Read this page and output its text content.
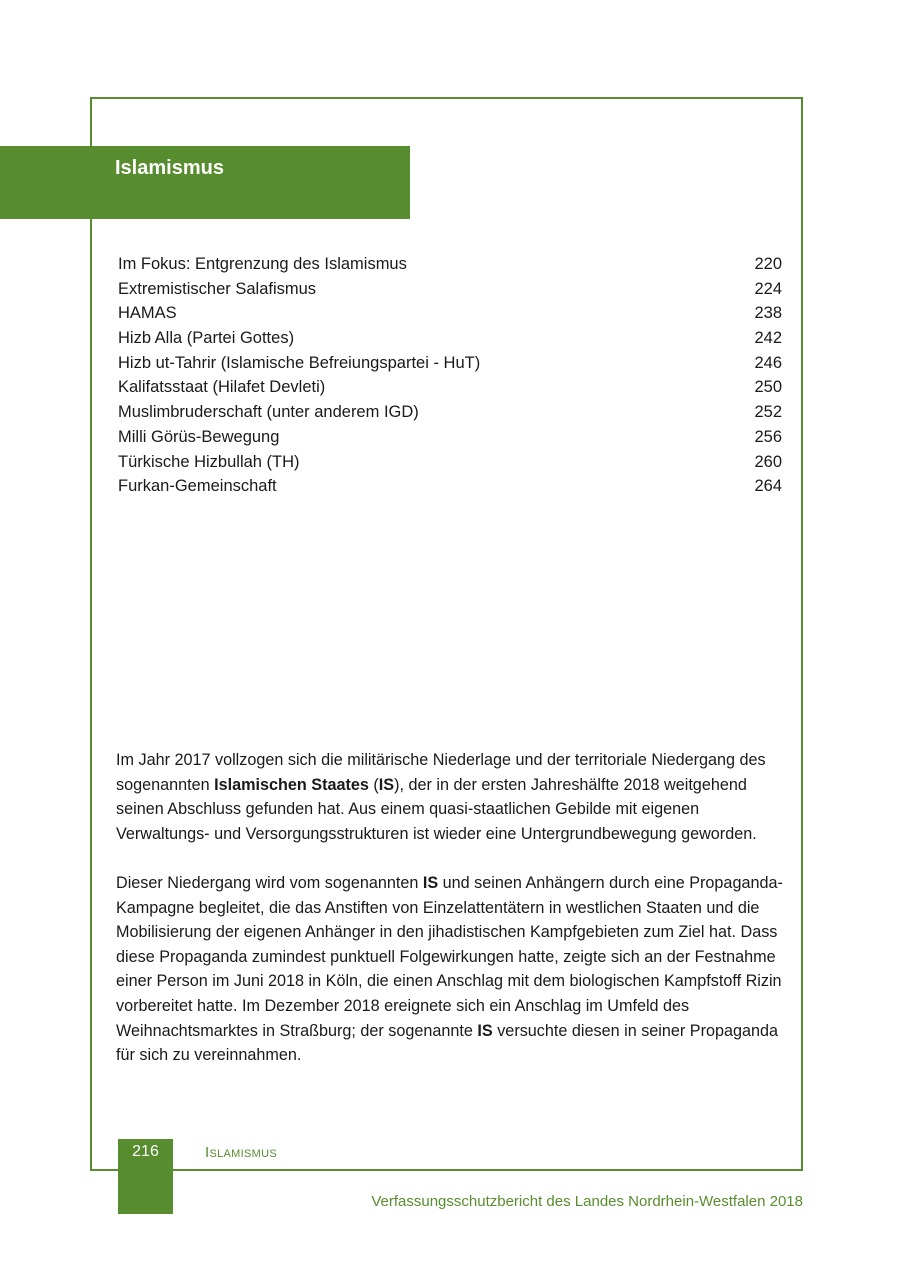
Islamismus
Im Fokus: Entgrenzung des Islamismus	220
Extremistischer Salafismus	224
HAMAS	238
Hizb Alla (Partei Gottes)	242
Hizb ut-Tahrir (Islamische Befreiungspartei - HuT)	246
Kalifatsstaat (Hilafet Devleti)	250
Muslimbruderschaft (unter anderem IGD)	252
Milli Görüs-Bewegung	256
Türkische Hizbullah (TH)	260
Furkan-Gemeinschaft	264

Im Jahr 2017 vollzogen sich die militärische Niederlage und der territoriale Niedergang des sogenannten Islamischen Staates (IS), der in der ersten Jahreshälfte 2018 weitgehend seinen Abschluss gefunden hat. Aus einem quasi-staatlichen Gebilde mit eigenen Verwaltungs- und Versorgungsstrukturen ist wieder eine Untergrundbewegung geworden.

Dieser Niedergang wird vom sogenannten IS und seinen Anhängern durch eine Propaganda-Kampagne begleitet, die das Anstiften von Einzelattentätern in westlichen Staaten und die Mobilisierung der eigenen Anhänger in den jihadistischen Kampfgebieten zum Ziel hat. Dass diese Propaganda zumindest punktuell Folgewirkungen hatte, zeigte sich an der Festnahme einer Person im Juni 2018 in Köln, die einen Anschlag mit dem biologischen Kampfstoff Rizin vorbereitet hatte. Im Dezember 2018 ereignete sich ein Anschlag im Umfeld des Weihnachtsmarktes in Straßburg; der sogenannte IS versuchte diesen in seiner Propaganda für sich zu vereinnahmen.

216	Islamismus
Verfassungsschutzbericht des Landes Nordrhein-Westfalen 2018
